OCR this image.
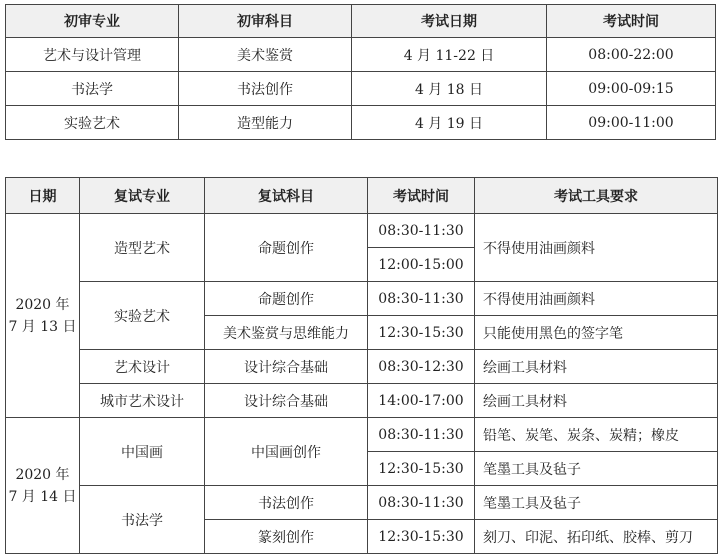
初审专业	初审科目	考试日期	考试时间
艺术与设计管理	美术鉴赏	4 月 11-22 日	08:00-22:00
书法学	书法创作	4 月 18 日	09:00-09:15
实验艺术	造型能力	4 月 19 日	09:00-11:00
日期	复试专业	复试科目	考试时间	考试工具要求
2020 年
7 月 13 日	造型艺术	命题创作	08:30-11:30	不得使用油画颜料
			12:00-15:00	
	实验艺术	命题创作	08:30-11:30	不得使用油画颜料
		美术鉴赏与思维能力	12:30-15:30	只能使用黑色的签字笔
	艺术设计	设计综合基础	08:30-12:30	绘画工具材料
	城市艺术设计	设计综合基础	14:00-17:00	绘画工具材料
2020 年
7 月 14 日	中国画	中国画创作	08:30-11:30	铅笔、炭笔、炭条、炭精；橡皮
			12:30-15:30	笔墨工具及毡子
	书法学	书法创作	08:30-11:30	笔墨工具及毡子
		篆刻创作	12:30-15:30	刻刀、印泥、拓印纸、胶棒、剪刀
